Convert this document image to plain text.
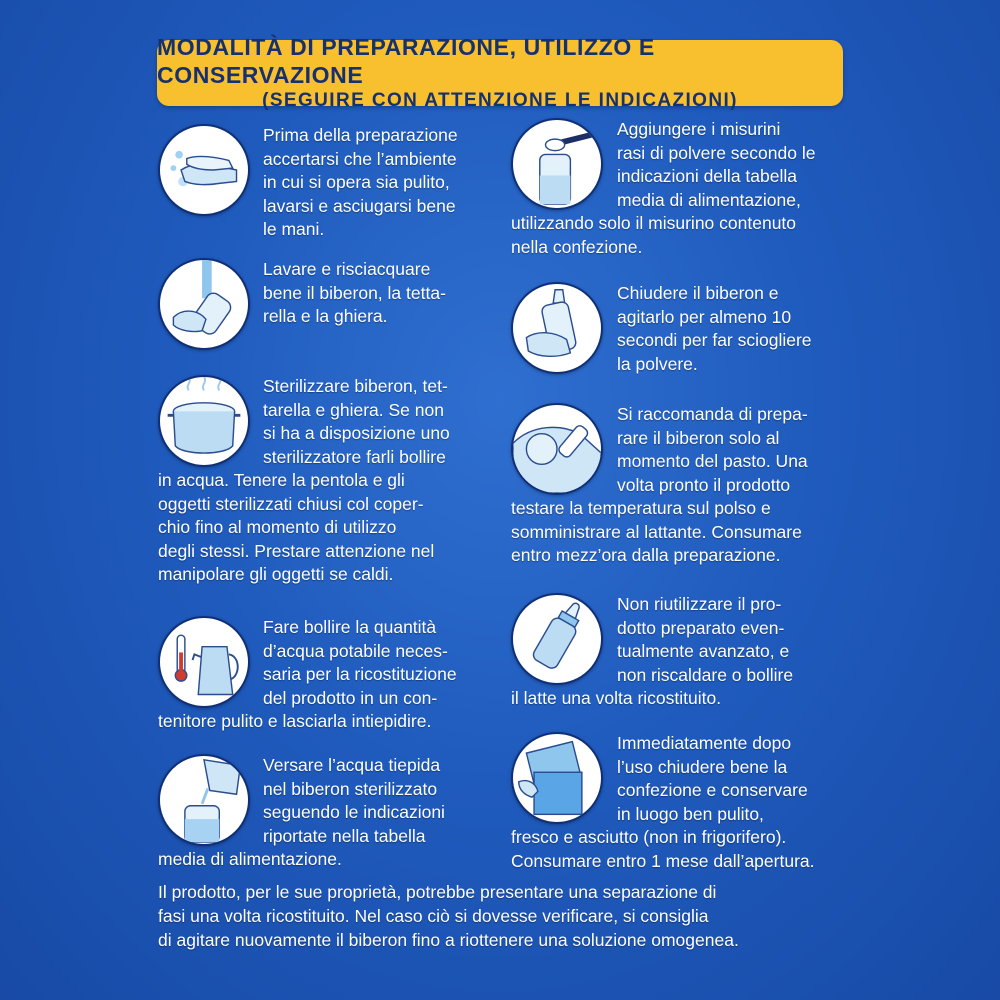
MODALITÀ DI PREPARAZIONE, UTILIZZO E CONSERVAZIONE
(SEGUIRE CON ATTENZIONE LE INDICAZIONI)
Prima della preparazione
accertarsi che l’ambiente
in cui si opera sia pulito,
lavarsi e asciugarsi bene
le mani.
Lavare e risciacquare
bene il biberon, la tetta-
rella e la ghiera.
Sterilizzare biberon, tet-
tarella e ghiera. Se non
si ha a disposizione uno
sterilizzatore farli bollire
in acqua. Tenere la pentola e gli
oggetti sterilizzati chiusi col coper-
chio fino al momento di utilizzo
degli stessi. Prestare attenzione nel
manipolare gli oggetti se caldi.
Fare bollire la quantità
d’acqua potabile neces-
saria per la ricostituzione
del prodotto in un con-
tenitore pulito e lasciarla intiepidire.
Versare l’acqua tiepida
nel biberon sterilizzato
seguendo le indicazioni
riportate nella tabella
media di alimentazione.
Aggiungere i misurini
rasi di polvere secondo le
indicazioni della tabella
media di alimentazione,
utilizzando solo il misurino contenuto
nella confezione.
Chiudere il biberon e
agitarlo per almeno 10
secondi per far sciogliere
la polvere.
Si raccomanda di prepa-
rare il biberon solo al
momento del pasto. Una
volta pronto il prodotto
testare la temperatura sul polso e
somministrare al lattante. Consumare
entro mezz’ora dalla preparazione.
Non riutilizzare il pro-
dotto preparato even-
tualmente avanzato, e
non riscaldare o bollire
il latte una volta ricostituito.
Immediatamente dopo
l’uso chiudere bene la
confezione e conservare
in luogo ben pulito,
fresco e asciutto (non in frigorifero).
Consumare entro 1 mese dall’apertura.
Il prodotto, per le sue proprietà, potrebbe presentare una separazione di
fasi una volta ricostituito. Nel caso ciò si dovesse verificare, si consiglia
di agitare nuovamente il biberon fino a riottenere una soluzione omogenea.
